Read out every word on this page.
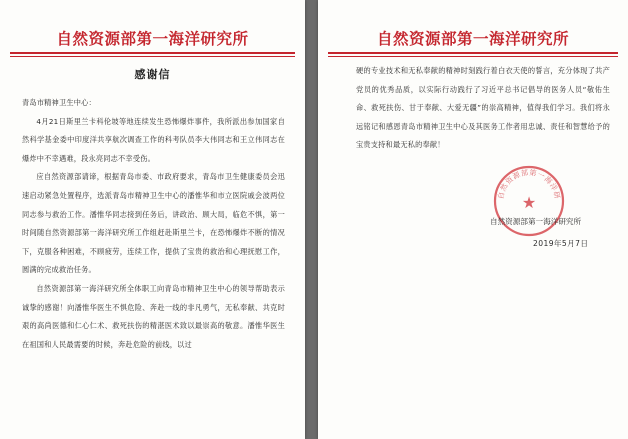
自然资源部第一海洋研究所
感谢信

青岛市精神卫生中心：

4月21日斯里兰卡科伦坡等地连续发生恐怖爆炸事件，我所派出参加国家自然科学基金委中印度洋共享航次调查工作的科考队员李大伟同志和王立伟同志在爆炸中不幸遇难，段永亮同志不幸受伤。

应自然资源部请谛，根据青岛市委、市政府要求，青岛市卫生健康委员会迅速启动紧急处置程序，选派青岛市精神卫生中心的潘惟华和市立医院戚会波两位同志参与救治工作。潘惟华同志接到任务后，讲政治、顾大局，临危不惧，第一时间随自然资源部第一海洋研究所工作组赶赴斯里兰卡，在恐怖爆炸不断的情况下，克服各种困难，不顾疲劳，连续工作，提供了宝贵的救治和心理抚慰工作，圆满的完成救治任务。

自然资源部第一海洋研究所全体职工向青岛市精神卫生中心的领导帮助表示诚挚的感谢！向潘惟华医生不惧危险、奔赴一线的非凡勇气，无私奉献、共克时艰的高尚医德和仁心仁术、救死扶伤的精湛医术致以最崇高的敬意。潘惟华医生在祖国和人民最需要的时候，奔赴危险的前线，以过

自然资源部第一海洋研究所

硬的专业技术和无私奉献的精神时刻践行着白衣天使的誓言，充分体现了共产党员的优秀品质，以实际行动践行了习近平总书记倡导的医务人员“敬佑生命、救死扶伤、甘于奉献、大爱无疆”的崇高精神，值得我们学习。我们将永远铭记和感恩青岛市精神卫生中心及其医务工作者用忠诚、责任和智慧给予的宝贵支持和最无私的奉献！

自然资源部第一海洋研
★
自然资源部第一海洋研究所
2019年5月7日
